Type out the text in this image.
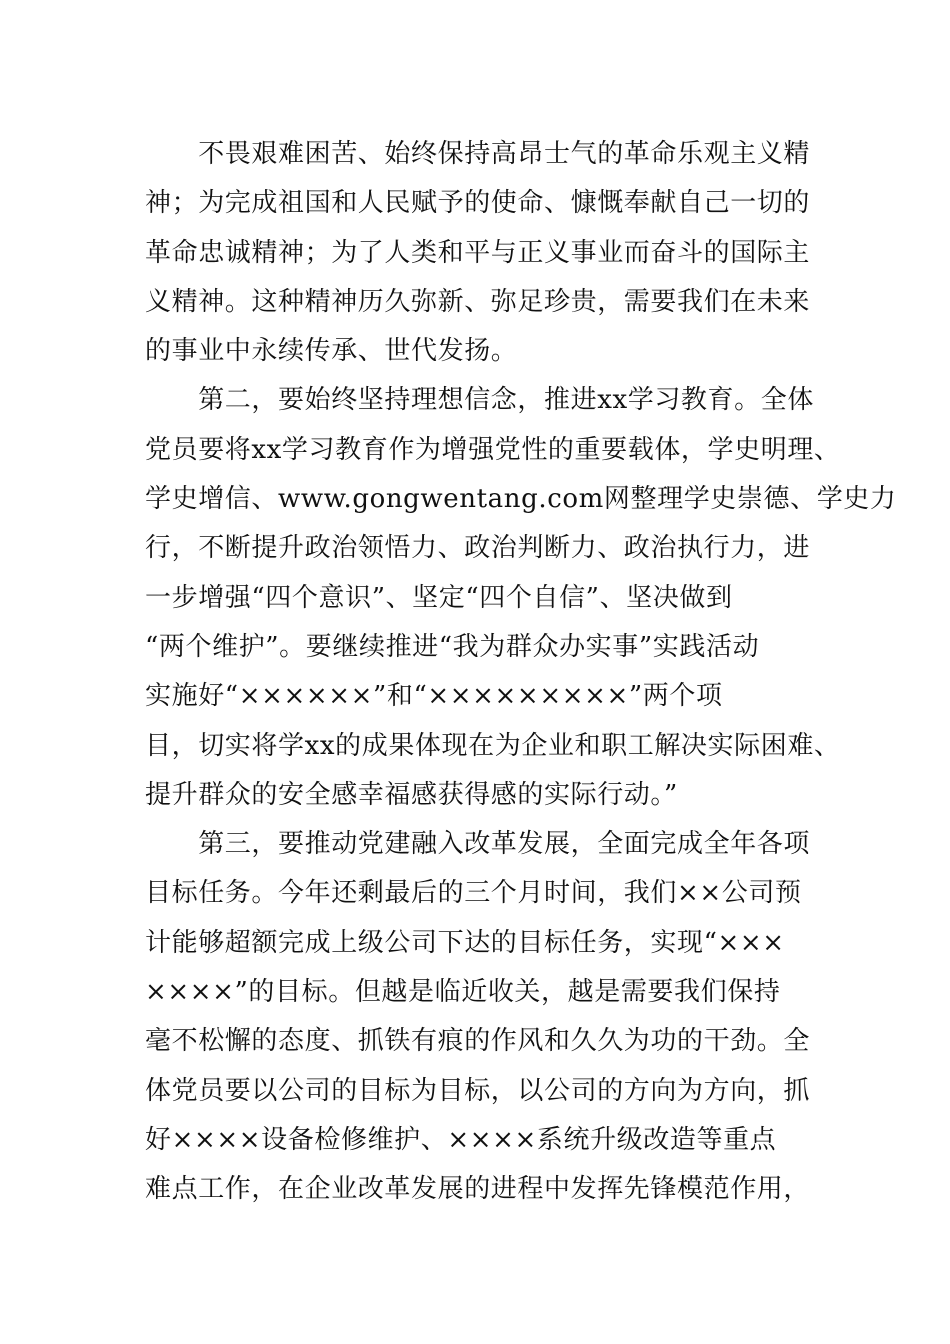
　　不畏艰难困苦、始终保持高昂士气的革命乐观主义精
神；为完成祖国和人民赋予的使命、慷慨奉献自己一切的
革命忠诚精神；为了人类和平与正义事业而奋斗的国际主
义精神。这种精神历久弥新、弥足珍贵，需要我们在未来
的事业中永续传承、世代发扬。
　　第二，要始终坚持理想信念，推进xx学习教育。全体
党员要将xx学习教育作为增强党性的重要载体，学史明理、
学史增信、www.gongwentang.com网整理学史崇德、学史力
行，不断提升政治领悟力、政治判断力、政治执行力，进
一步增强“四个意识”、坚定“四个自信”、坚决做到
“两个维护”。要继续推进“我为群众办实事”实践活动
实施好“××××××”和“×××××××××”两个项
目，切实将学xx的成果体现在为企业和职工解决实际困难、
提升群众的安全感幸福感获得感的实际行动。”
　　第三，要推动党建融入改革发展，全面完成全年各项
目标任务。今年还剩最后的三个月时间，我们××公司预
计能够超额完成上级公司下达的目标任务，实现“×××
××××”的目标。但越是临近收关，越是需要我们保持
毫不松懈的态度、抓铁有痕的作风和久久为功的干劲。全
体党员要以公司的目标为目标，以公司的方向为方向，抓
好××××设备检修维护、××××系统升级改造等重点
难点工作，在企业改革发展的进程中发挥先锋模范作用，
